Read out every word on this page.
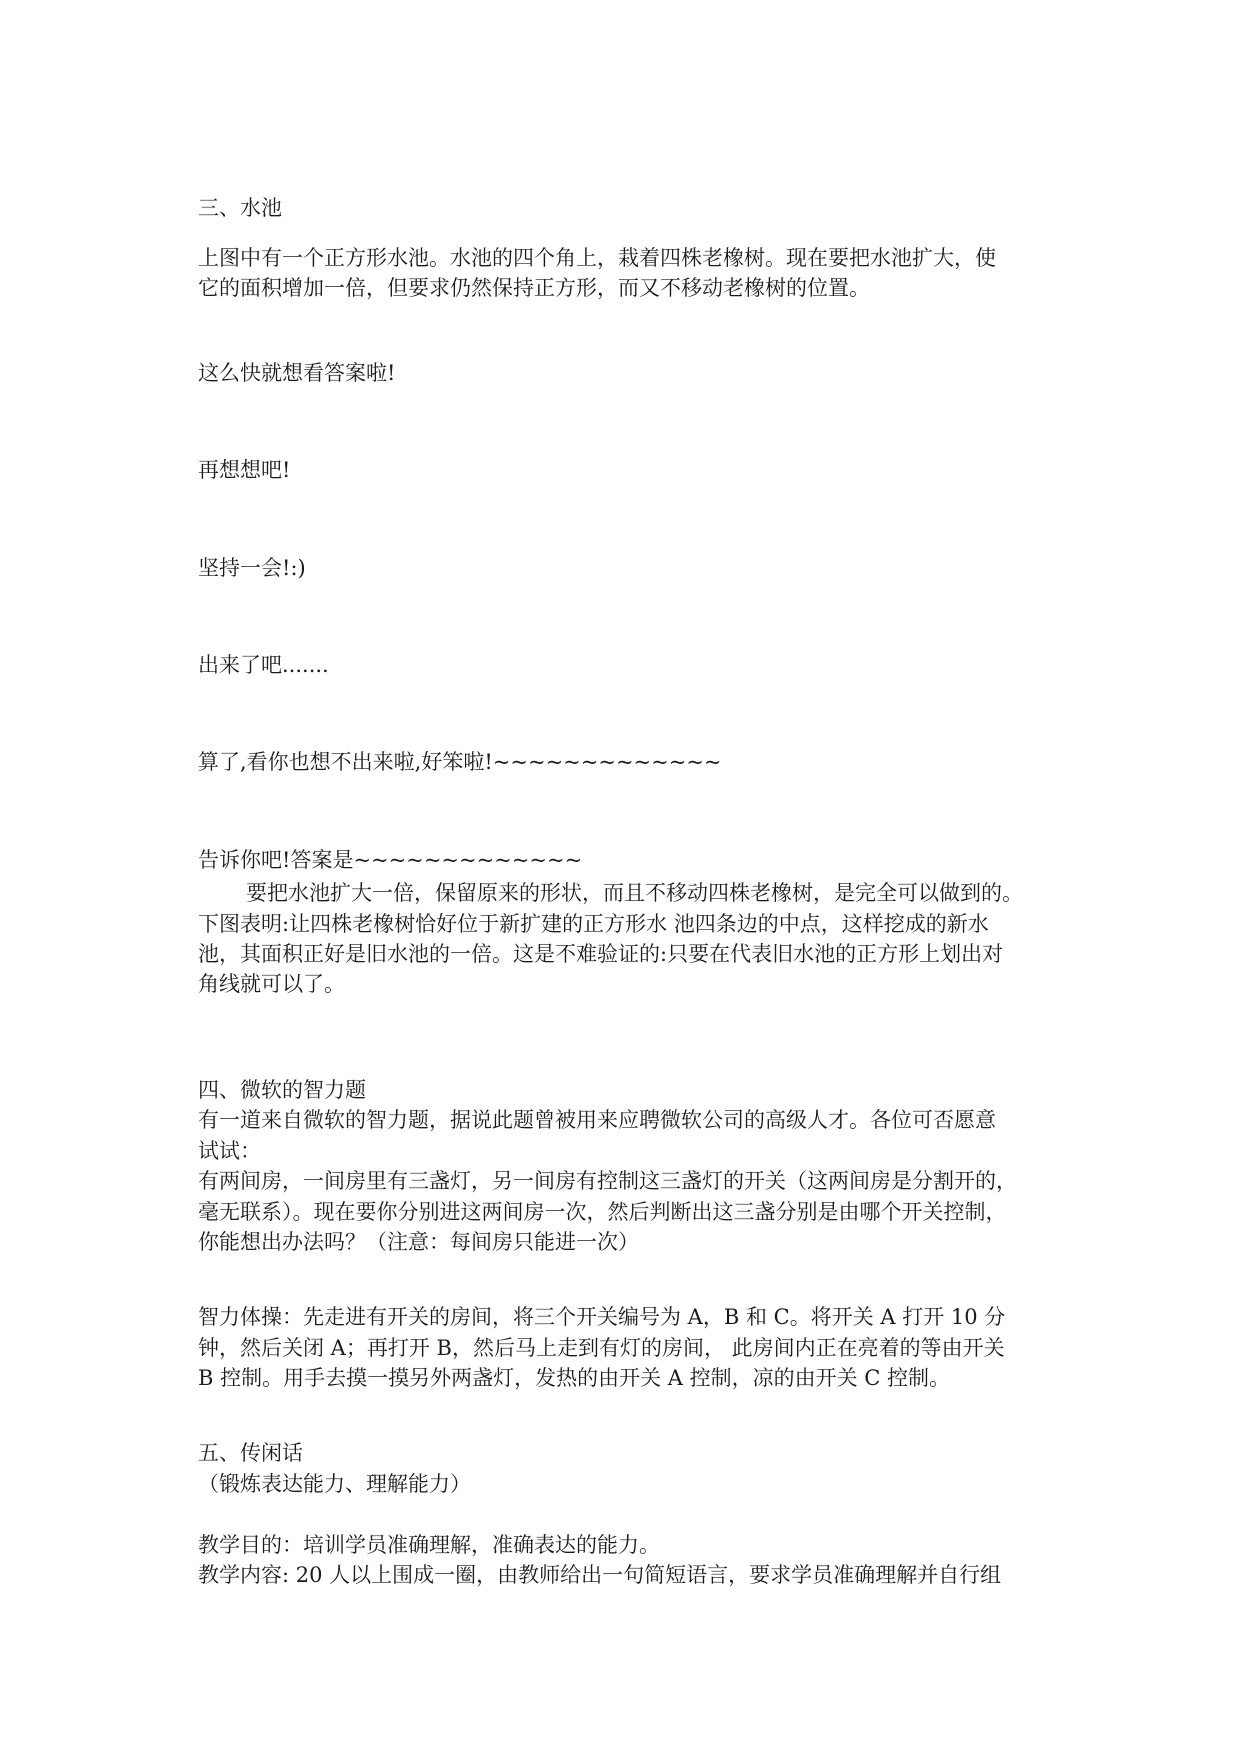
三、水池

上图中有一个正方形水池。水池的四个角上，栽着四株老橡树。现在要把水池扩大，使

它的面积增加一倍，但要求仍然保持正方形，而又不移动老橡树的位置。

这么快就想看答案啦!

再想想吧!

坚持一会!:)

出来了吧.......

算了,看你也想不出来啦,好笨啦!~~~~~~~~~~~~~

告诉你吧!答案是~~~~~~~~~~~~~

要把水池扩大一倍，保留原来的形状，而且不移动四株老橡树，是完全可以做到的。

下图表明:让四株老橡树恰好位于新扩建的正方形水 池四条边的中点，这样挖成的新水

池，其面积正好是旧水池的一倍。这是不难验证的:只要在代表旧水池的正方形上划出对

角线就可以了。

四、微软的智力题

有一道来自微软的智力题，据说此题曾被用来应聘微软公司的高级人才。各位可否愿意

试试：

有两间房，一间房里有三盏灯，另一间房有控制这三盏灯的开关（这两间房是分割开的，

毫无联系）。现在要你分别进这两间房一次，然后判断出这三盏分别是由哪个开关控制，

你能想出办法吗？（注意：每间房只能进一次）

智力体操：先走进有开关的房间，将三个开关编号为 A，B 和 C。将开关 A 打开 10 分

钟，然后关闭 A；再打开 B，然后马上走到有灯的房间， 此房间内正在亮着的等由开关

B 控制。用手去摸一摸另外两盏灯，发热的由开关 A 控制，凉的由开关 C 控制。

五、传闲话

（锻炼表达能力、理解能力）

教学目的：培训学员准确理解，准确表达的能力。

教学内容: 20 人以上围成一圈，由教师给出一句简短语言，要求学员准确理解并自行组
